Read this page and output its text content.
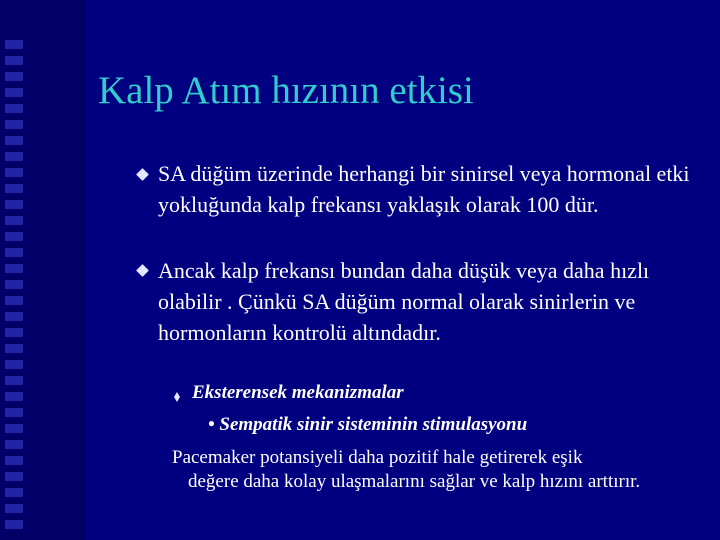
Kalp Atım hızının etkisi
SA düğüm üzerinde herhangi bir sinirsel veya hormonal etki yokluğunda kalp frekansı yaklaşık olarak 100 dür.
Ancak kalp frekansı bundan daha düşük veya daha hızlı olabilir . Çünkü SA düğüm normal olarak sinirlerin ve hormonların kontrolü altındadır.
Eksterensek mekanizmalar
• Sempatik sinir sisteminin stimulasyonu
Pacemaker potansiyeli daha pozitif hale getirerek eşik
değere daha kolay ulaşmalarını sağlar ve kalp hızını arttırır.
